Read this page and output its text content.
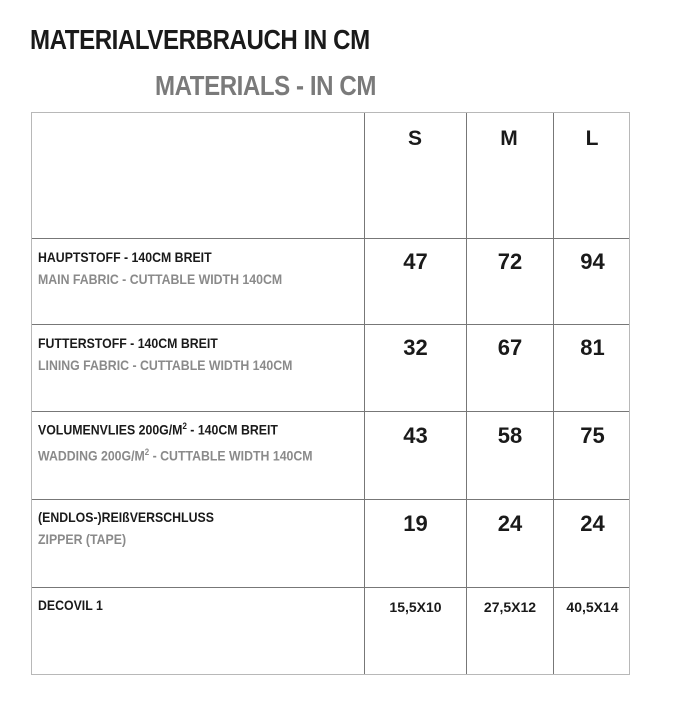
MATERIALVERBRAUCH IN CM
MATERIALS - IN CM
S	M	L
HAUPTSTOFF - 140CM BREIT
MAIN FABRIC - CUTTABLE WIDTH 140CM
47	72	94
FUTTERSTOFF - 140CM BREIT
LINING FABRIC - CUTTABLE WIDTH 140CM
32	67	81
VOLUMENVLIES $200G/M^2 - 140CM$ BREIT
WADDING $200G/M^2$ - CUTTABLE WIDTH 140CM
43	58	75
(ENDLOS-)REIßVERSCHLUSS
ZIPPER (TAPE)
19	24	24
DECOVIL 1	15,5X10	27,5X12	40,5X14
